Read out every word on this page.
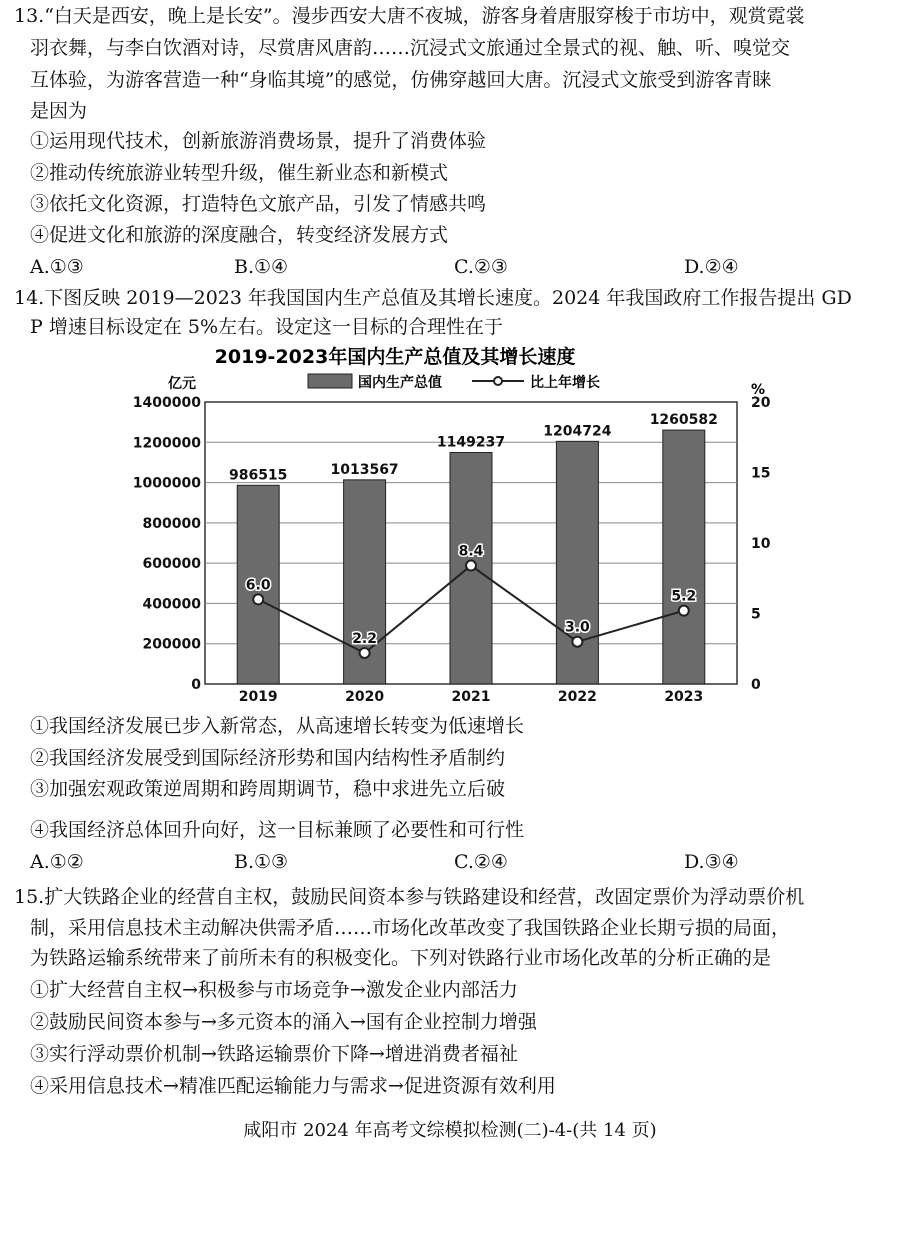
13.“白天是西安，晚上是长安”。漫步西安大唐不夜城，游客身着唐服穿梭于市坊中，观赏霓裳
羽衣舞，与李白饮酒对诗，尽赏唐风唐韵……沉浸式文旅通过全景式的视、触、听、嗅觉交
互体验，为游客营造一种“身临其境”的感觉，仿佛穿越回大唐。沉浸式文旅受到游客青睐
是因为
①运用现代技术，创新旅游消费场景，提升了消费体验
②推动传统旅游业转型升级，催生新业态和新模式
③依托文化资源，打造特色文旅产品，引发了情感共鸣
④促进文化和旅游的深度融合，转变经济发展方式
A.①③	B.①④	C.②③	D.②④
14.下图反映 2019—2023 年我国国内生产总值及其增长速度。2024 年我国政府工作报告提出 GD
P 增速目标设定在 5%左右。设定这一目标的合理性在于
2019-2023年国内生产总值及其增长速度
国内生产总值	比上年增长
亿元	%
0
200000
400000
600000
800000
1000000
1200000
1400000
0
5
10
15
20
986515	1013567
1149237
1204724
1260582
2019	2020	2021	2022	2023
6.0
2.2
8.4
3.0
5.2
①我国经济发展已步入新常态，从高速增长转变为低速增长
②我国经济发展受到国际经济形势和国内结构性矛盾制约
③加强宏观政策逆周期和跨周期调节，稳中求进先立后破
④我国经济总体回升向好，这一目标兼顾了必要性和可行性
A.①②	B.①③	C.②④	D.③④
15.扩大铁路企业的经营自主权，鼓励民间资本参与铁路建设和经营，改固定票价为浮动票价机
制，采用信息技术主动解决供需矛盾……市场化改革改变了我国铁路企业长期亏损的局面，
为铁路运输系统带来了前所未有的积极变化。下列对铁路行业市场化改革的分析正确的是
①扩大经营自主权→积极参与市场竞争→激发企业内部活力
②鼓励民间资本参与→多元资本的涌入→国有企业控制力增强
③实行浮动票价机制→铁路运输票价下降→增进消费者福祉
④采用信息技术→精准匹配运输能力与需求→促进资源有效利用
咸阳市 2024 年高考文综模拟检测(二)-4-(共 14 页)
